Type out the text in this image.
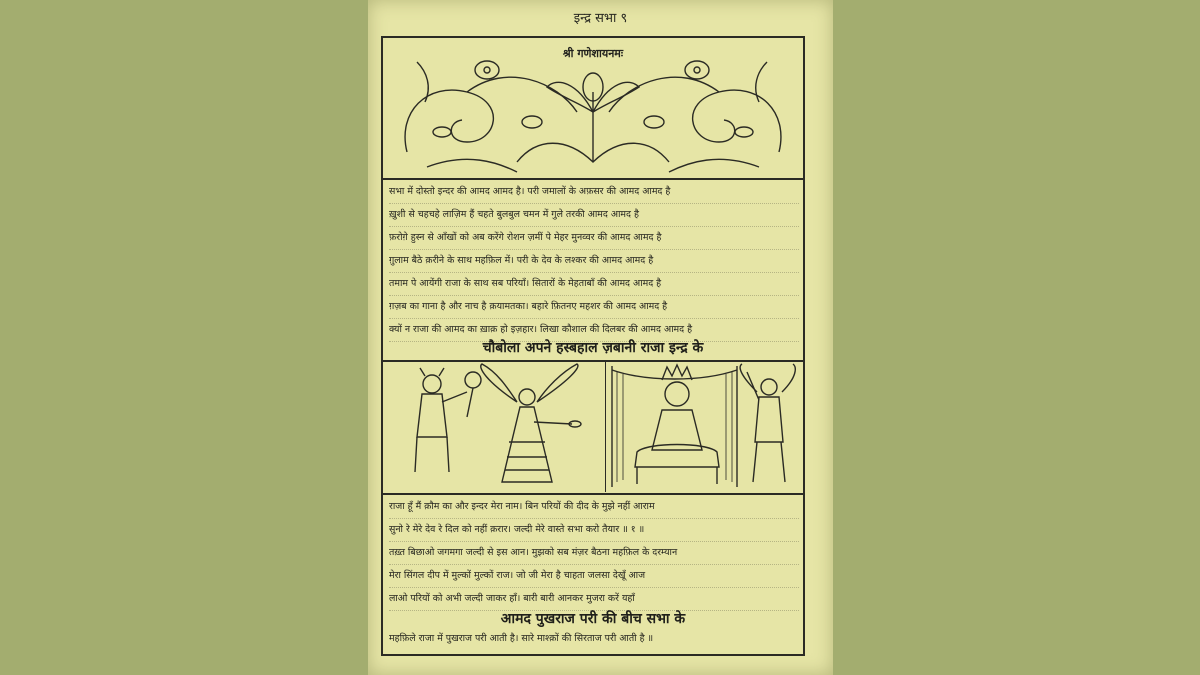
इन्द्र सभा ९
श्री गणेशायनमः
सभा में दोस्तो इन्दर की आमद आमद है। परी जमालों के अफ़सर की आमद आमद है
ख़ुशी से चहचहे लाज़िम हैं चहते बुलबुल चमन में गुले तरकी आमद आमद है
फ़रोग़े हुस्न से आँखों को अब करेंगे रोशन ज़मीं पे मेहर मुनव्वर की आमद आमद है
ग़ुलाम बैठे क़रीने के साथ महफ़िल में। परी के देव के लश्कर की आमद आमद है
तमाम पे आयेंगी राजा के साथ सब परियाँ। सितारों के मेहताबाँ की आमद आमद है
ग़ज़ब का गाना है और नाच है क़यामतका। बहारे फ़ितनए महशर की आमद आमद है
क्यों न राजा की आमद का ख़ाक़ हो इज़हार। लिखा कौशाल की दिलबर की आमद आमद है
चौबोला अपने हस्बहाल ज़बानी राजा इन्द्र के
राजा हूँ मैं क़ौम का और इन्दर मेरा नाम। बिन परियों की दीद के मुझे नहीं आराम
सुनो रे मेरे देव रे दिल को नहीं क़रार। जल्दी मेरे वास्ते सभा करो तैयार ॥ १ ॥
तख़्त बिछाओ जगमगा जल्दी से इस आन। मुझको सब मंज़र बैठना महफ़िल के दरम्यान
मेरा सिंगल दीप में मुल्कों मुल्कों राज। जो जी मेरा है चाहता जलसा देखूँ आज
लाओ परियों को अभी जल्दी जाकर हाँ। बारी बारी आनकर मुजरा करें यहाँ
आमद पुखराज परी की बीच सभा के
महफ़िले राजा में पुखराज परी आती है। सारे माश्क़ों की सिरताज परी आती है ॥
